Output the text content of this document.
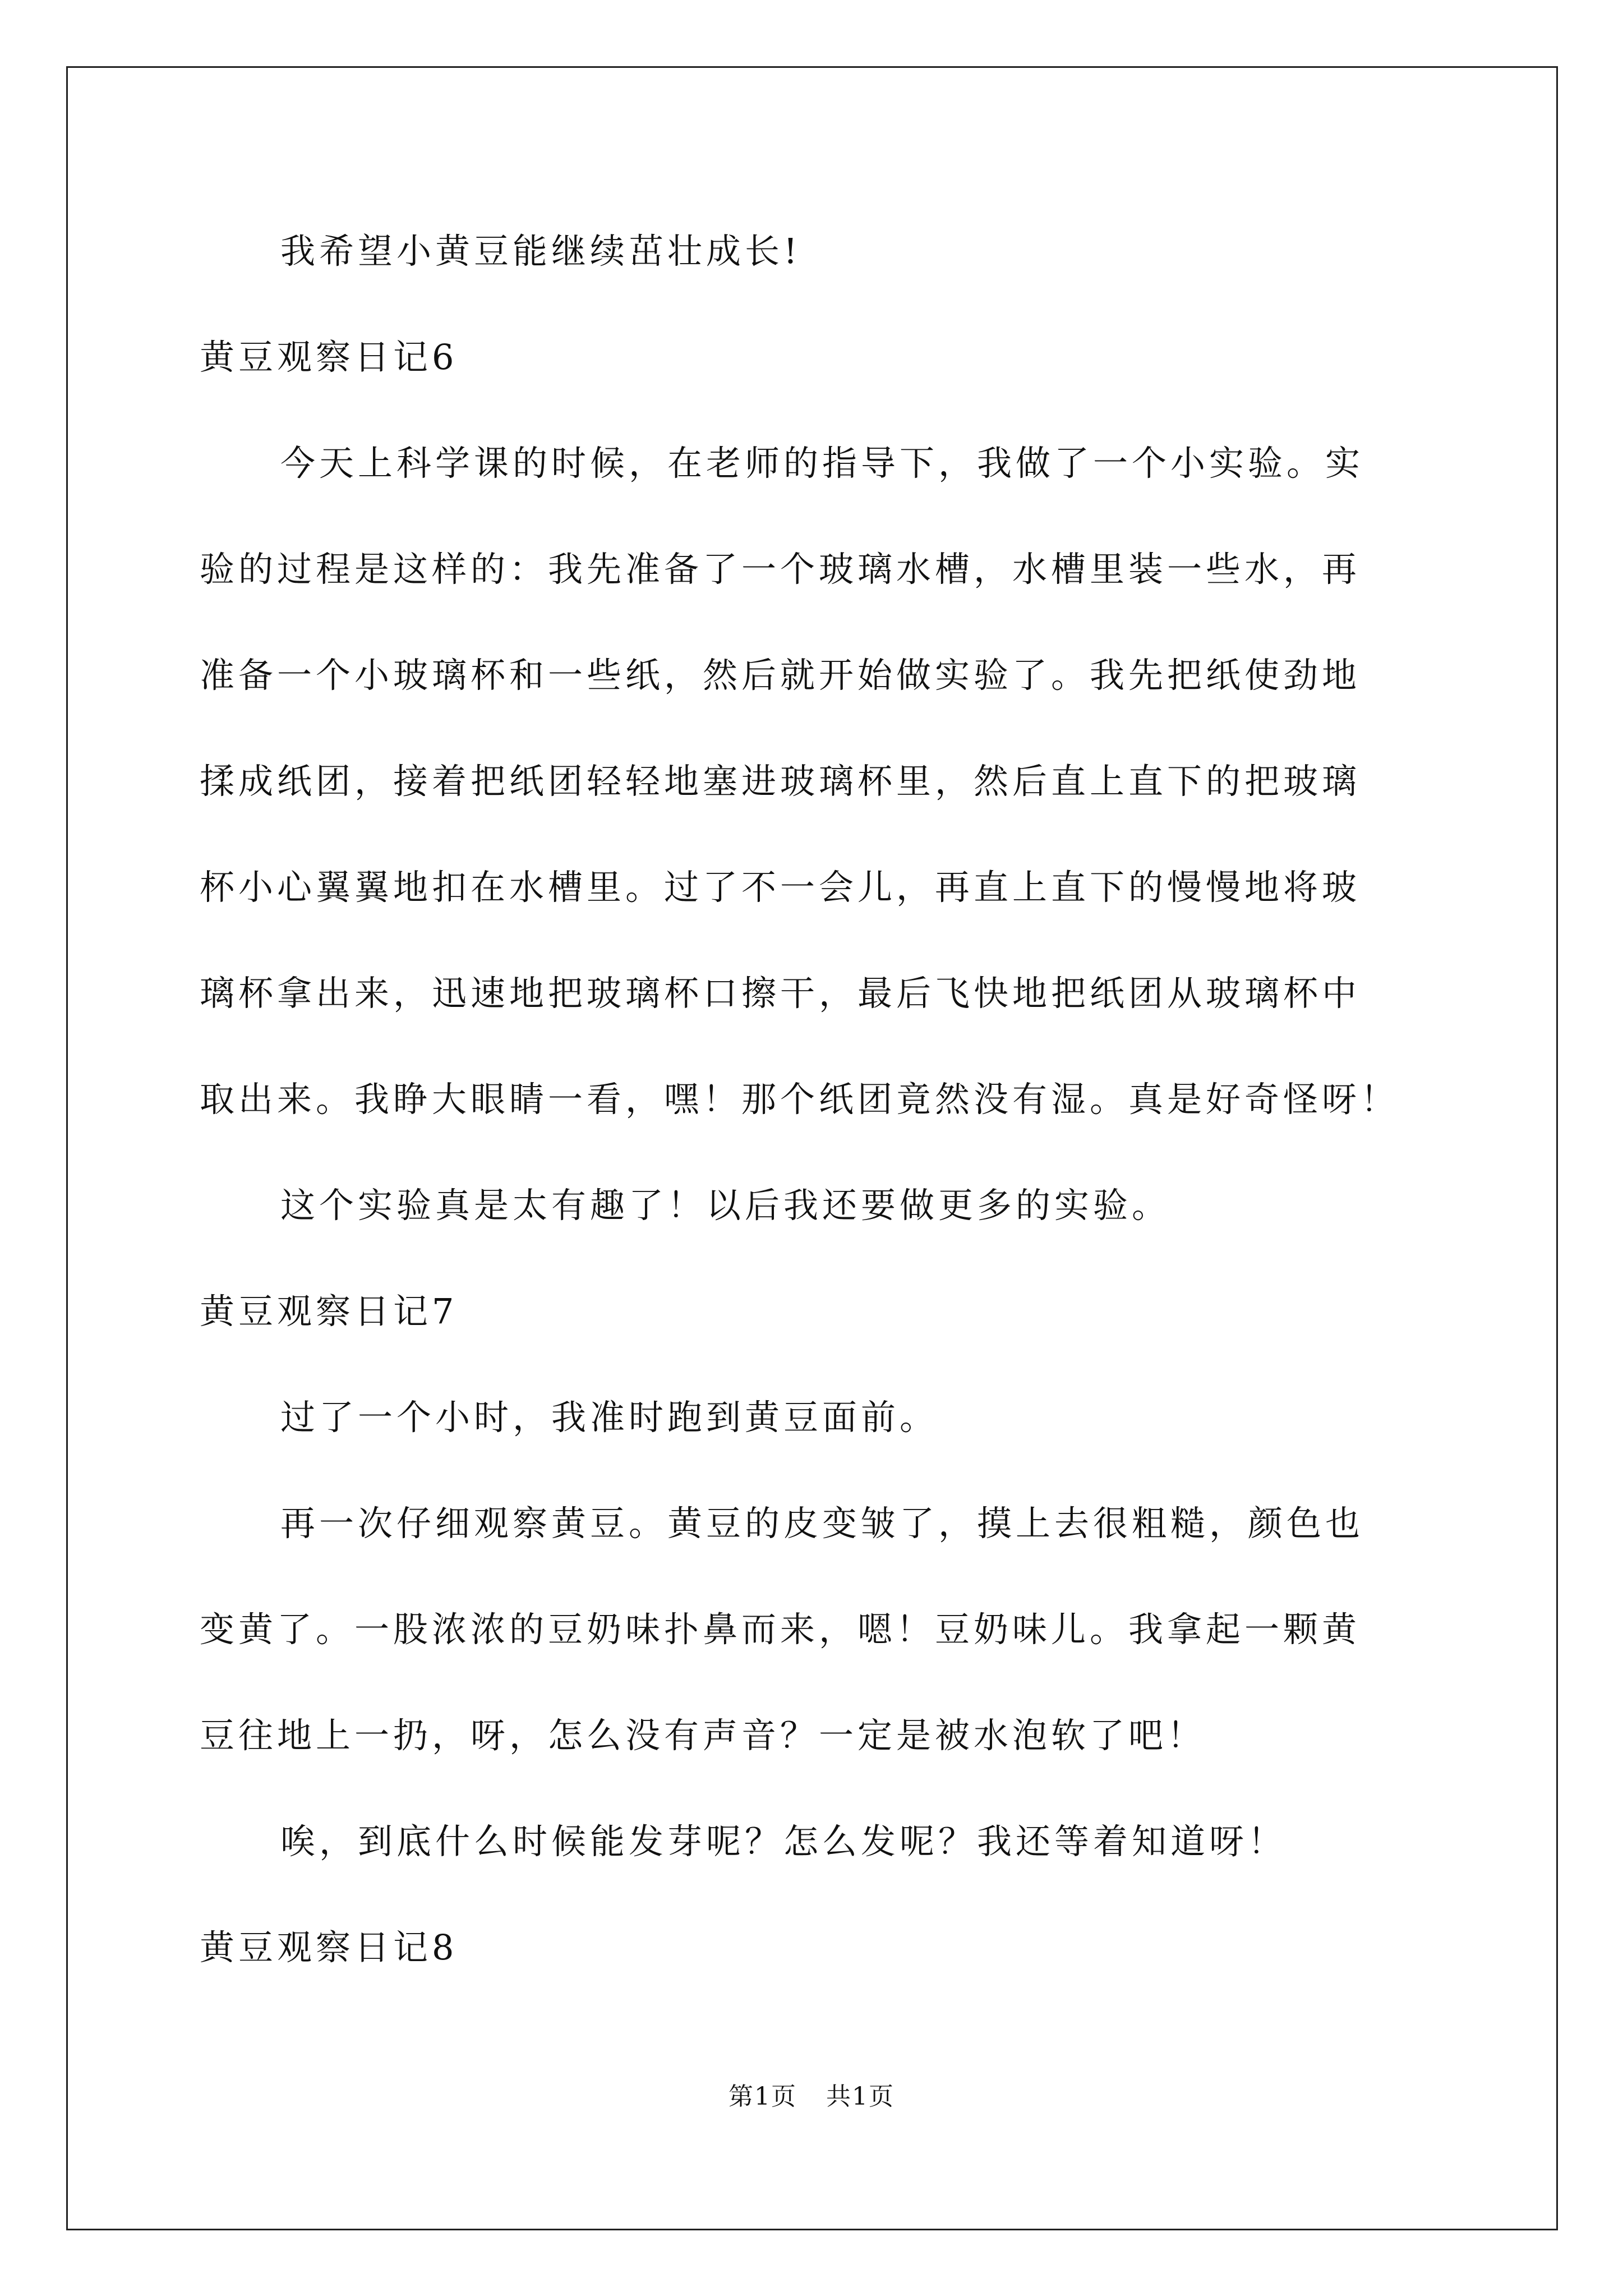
我希望小黄豆能继续茁壮成长!
黄豆观察日记6
今天上科学课的时候，在老师的指导下，我做了一个小实验。实
验的过程是这样的：我先准备了一个玻璃水槽，水槽里装一些水，再
准备一个小玻璃杯和一些纸，然后就开始做实验了。我先把纸使劲地
揉成纸团，接着把纸团轻轻地塞进玻璃杯里，然后直上直下的把玻璃
杯小心翼翼地扣在水槽里。过了不一会儿，再直上直下的慢慢地将玻
璃杯拿出来，迅速地把玻璃杯口擦干，最后飞快地把纸团从玻璃杯中
取出来。我睁大眼睛一看，嘿！那个纸团竟然没有湿。真是好奇怪呀！
这个实验真是太有趣了！以后我还要做更多的实验。
黄豆观察日记7
过了一个小时，我准时跑到黄豆面前。
再一次仔细观察黄豆。黄豆的皮变皱了，摸上去很粗糙，颜色也
变黄了。一股浓浓的豆奶味扑鼻而来，嗯！豆奶味儿。我拿起一颗黄
豆往地上一扔，呀，怎么没有声音？一定是被水泡软了吧！
唉，到底什么时候能发芽呢？怎么发呢？我还等着知道呀！
黄豆观察日记8
第1页 共1页
